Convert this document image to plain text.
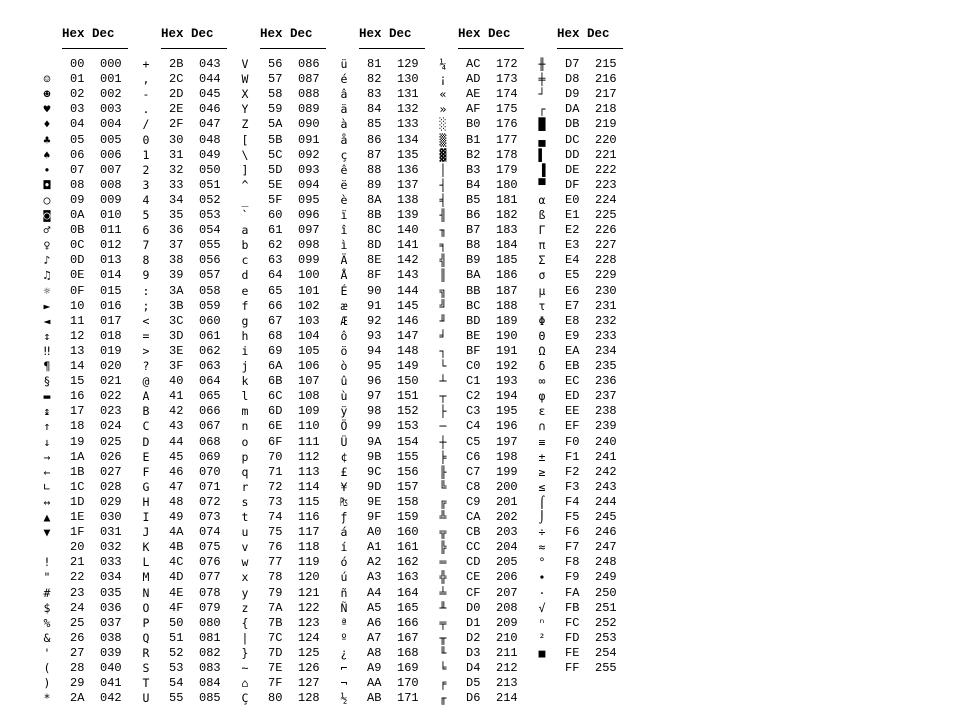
Hex Dec

00	000
☺ 01	001
☻ 02	002
♥ 03	003
♦ 04	004
♣ 05	005
♠ 06	006
• 07	007
◘ 08	008
○ 09	009
◙ 0A	010
♂ 0B	011
♀ 0C	012
♪ 0D	013
♫ 0E	014
☼ 0F	015
► 10	016
◄ 11	017
↕ 12	018
‼ 13	019
¶ 14	020
§ 15	021
▬ 16	022
↨ 17	023
↑ 18	024
↓ 19	025
→ 1A	026
← 1B	027
∟ 1C	028
↔ 1D	029
▲ 1E	030
▼ 1F	031

20	032
! 21	033
" 22	034
# 23	035
$ 24	036
% 25	037
& 26	038
' 27	039
( 28	040
) 29	041
* 2A	042
Hex Dec
+ 2B	043
, 2C	044
- 2D	045
. 2E	046
/ 2F	047
0 30	048
1 31	049
2 32	050
3 33	051
4 34	052
5 35	053
6 36	054
7 37	055
8 38	056
9 39	057
: 3A	058
; 3B	059
< 3C	060
= 3D	061
> 3E	062
? 3F	063
@ 40	064
A 41	065
B 42	066
C 43	067
D 44	068
E 45	069
F 46	070
G 47	071
H 48	072
I 49	073
J 4A	074
K 4B	075
L 4C	076
M 4D	077
N 4E	078
O 4F	079
P 50	080
Q 51	081
R 52	082
S 53	083
T 54	084
U 55	085
Hex Dec
V 56	086
W 57	087
X 58	088
Y 59	089
Z 5A	090
[ 5B	091
\ 5C	092
] 5D	093
^ 5E	094
_ 5F	095
` 60	096
a 61	097
b 62	098
c 63	099
d 64	100
e 65	101
f 66	102
g 67	103
h 68	104
i 69	105
j 6A	106
k 6B	107
l 6C	108
m 6D	109
n 6E	110
o 6F	111
p 70	112
q 71	113
r 72	114
s 73	115
t 74	116
u 75	117
v 76	118
w 77	119
x 78	120
y 79	121
z 7A	122
{ 7B	123
| 7C	124
} 7D	125
~ 7E	126
⌂ 7F	127
Ç 80	128
Hex Dec
ü 81	129
é 82	130
â 83	131
ä 84	132
à 85	133
å 86	134
ç 87	135
ê 88	136
ë 89	137
è 8A	138
ï 8B	139
î 8C	140
ì 8D	141
Ä 8E	142
Å 8F	143
É 90	144
æ 91	145
Æ 92	146
ô 93	147
ö 94	148
ò 95	149
û 96	150
ù 97	151
ÿ 98	152
Ö 99	153
Ü 9A	154
¢ 9B	155
£ 9C	156
¥ 9D	157
₧ 9E	158
ƒ 9F	159
á A0	160
í A1	161
ó A2	162
ú A3	163
ñ A4	164
Ñ A5	165
ª A6	166
º A7	167
¿ A8	168
⌐ A9	169
¬ AA	170
½ AB	171
Hex Dec
¼ AC	172
¡ AD	173
« AE	174
» AF	175
░ B0	176
▒ B1	177
▓ B2	178
│ B3	179
┤ B4	180
╡ B5	181
╢ B6	182
╖ B7	183
╕ B8	184
╣ B9	185
║ BA	186
╗ BB	187
╝ BC	188
╜ BD	189
╛ BE	190
┐ BF	191
└ C0	192
┴ C1	193
┬ C2	194
├ C3	195
─ C4	196
┼ C5	197
╞ C6	198
╟ C7	199
╚ C8	200
╔ C9	201
╩ CA	202
╦ CB	203
╠ CC	204
═ CD	205
╬ CE	206
╧ CF	207
╨ D0	208
╤ D1	209
╥ D2	210
╙ D3	211
╘ D4	212
╒ D5	213
╓ D6	214
Hex Dec
╫ D7	215
╪ D8	216
┘ D9	217
┌ DA	218
█ DB	219
▄ DC	220
▌ DD	221
▐ DE	222
▀ DF	223
α E0	224
ß E1	225
Γ E2	226
π E3	227
Σ E4	228
σ E5	229
µ E6	230
τ E7	231
Φ E8	232
Θ E9	233
Ω EA	234
δ EB	235
∞ EC	236
φ ED	237
ε EE	238
∩ EF	239
≡ F0	240
± F1	241
≥ F2	242
≤ F3	243
⌠ F4	244
⌡ F5	245
÷ F6	246
≈ F7	247
° F8	248
∙ F9	249
· FA	250
√ FB	251
ⁿ FC	252
² FD	253
■ FE	254

FF	255
